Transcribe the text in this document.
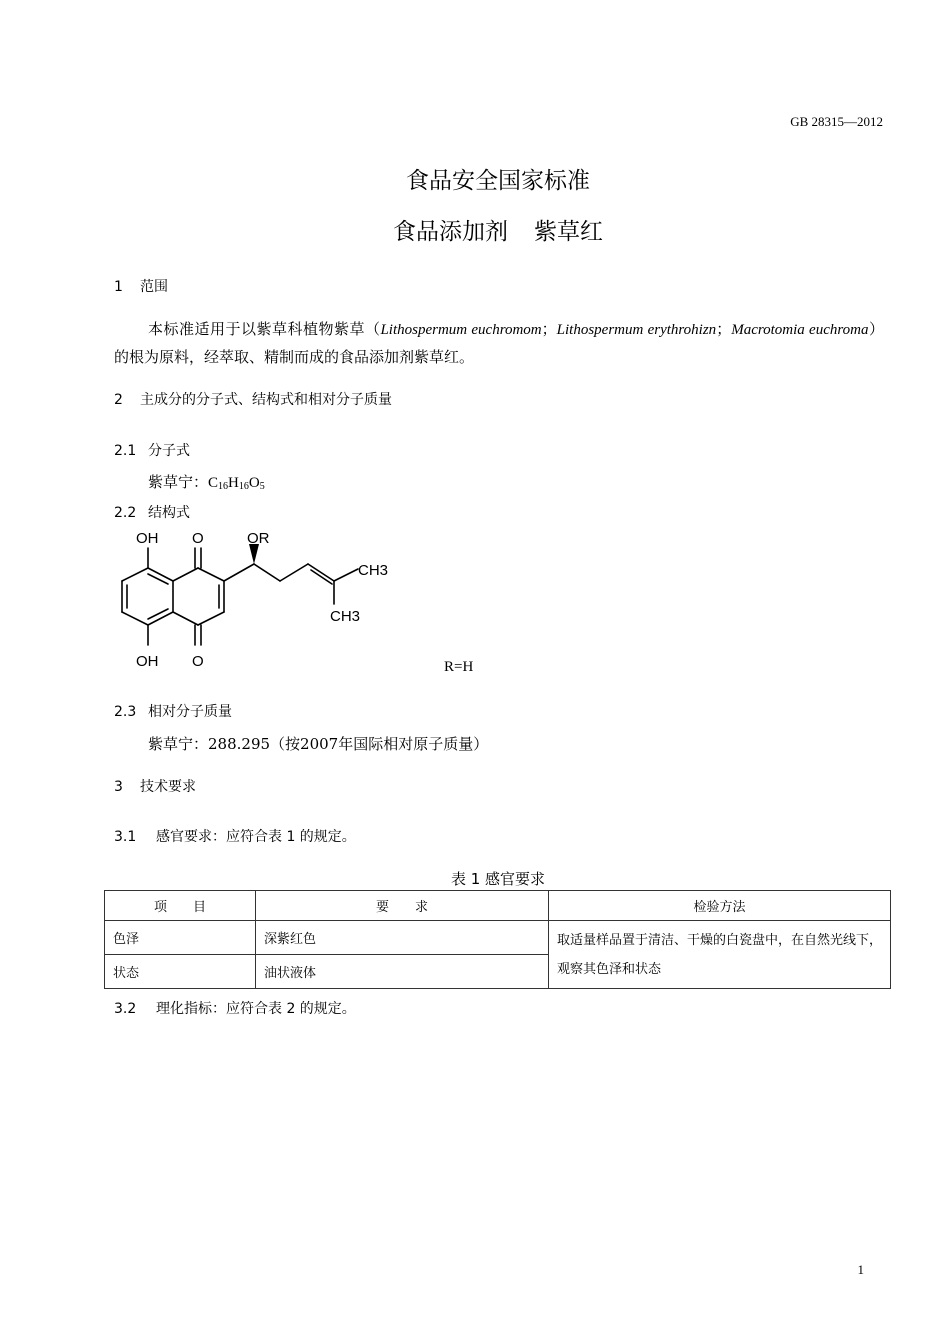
GB 28315—2012
食品安全国家标准
食品添加剂 紫草红
1 范围
本标准适用于以紫草科植物紫草（Lithospermum euchromom；Lithospermum erythrohizn；Macrotomia euchroma）的根为原料，经萃取、精制而成的食品添加剂紫草红。
2 主成分的分子式、结构式和相对分子质量
2.1 分子式
紫草宁：$C_{16}H_{16}O_5$
2.2 结构式
OH O	OR
CH3
CH3
OH O	R=H
2.3 相对分子质量
紫草宁：288.295（按2007年国际相对原子质量）
3 技术要求
3.1 感官要求：应符合表 1 的规定。
表 1 感官要求
项　　目	要　　求	检验方法
色泽	深紫红色	取适量样品置于清洁、干燥的白瓷盘中，在自然光线下，观察其色泽和状态
状态	油状液体	
3.2 理化指标：应符合表 2 的规定。
1
